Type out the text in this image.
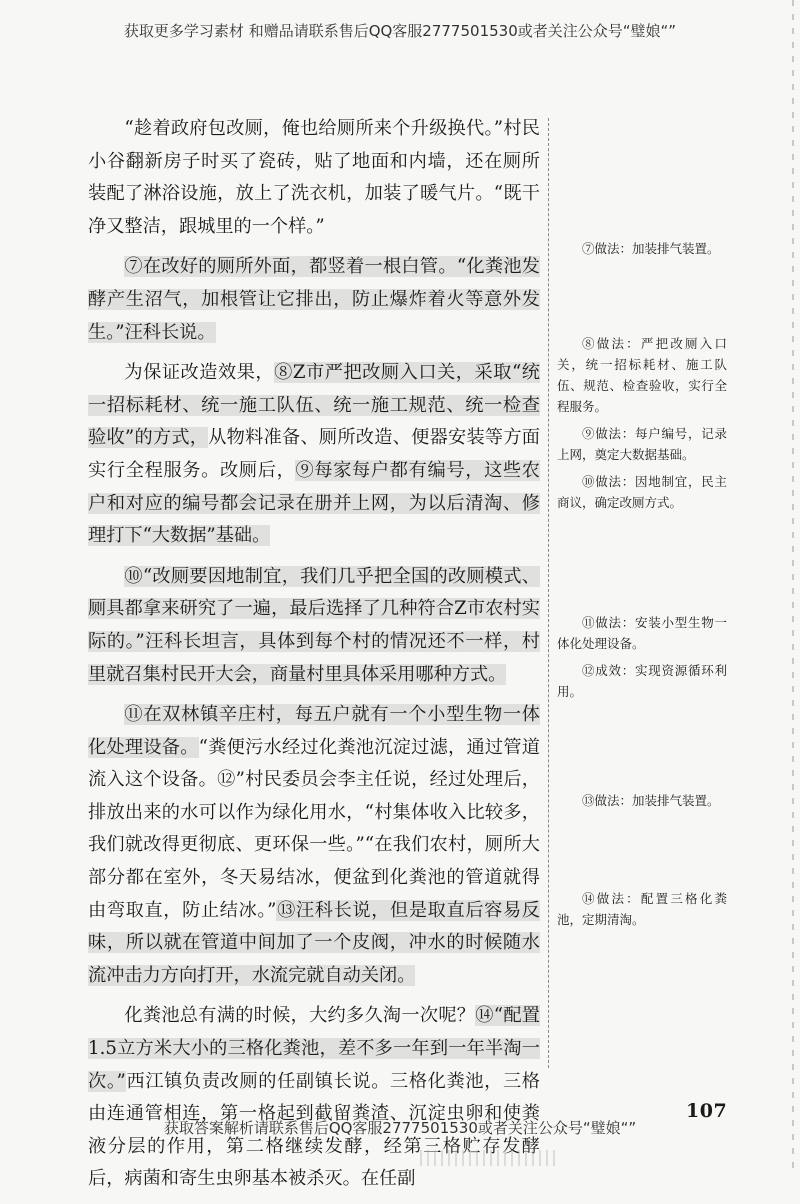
获取更多学习素材 和赠品请联系售后QQ客服2777501530或者关注公众号“璧娘“”

“趁着政府包改厕，俺也给厕所来个升级换代。”村民小谷翻新房子时买了瓷砖，贴了地面和内墙，还在厕所装配了淋浴设施，放上了洗衣机，加装了暖气片。“既干净又整洁，跟城里的一个样。”

⑦在改好的厕所外面，都竖着一根白管。“化粪池发酵产生沼气，加根管让它排出，防止爆炸着火等意外发生。”汪科长说。

为保证改造效果，⑧Z市严把改厕入口关，采取“统一招标耗材、统一施工队伍、统一施工规范、统一检查验收”的方式，从物料准备、厕所改造、便器安装等方面实行全程服务。改厕后，⑨每家每户都有编号，这些农户和对应的编号都会记录在册并上网，为以后清淘、修理打下“大数据”基础。

⑩“改厕要因地制宜，我们几乎把全国的改厕模式、厕具都拿来研究了一遍，最后选择了几种符合Z市农村实际的。”汪科长坦言，具体到每个村的情况还不一样，村里就召集村民开大会，商量村里具体采用哪种方式。

⑪在双林镇辛庄村，每五户就有一个小型生物一体化处理设备。“粪便污水经过化粪池沉淀过滤，通过管道流入这个设备。⑫”村民委员会李主任说，经过处理后，排放出来的水可以作为绿化用水，“村集体收入比较多，我们就改得更彻底、更环保一些。”“在我们农村，厕所大部分都在室外，冬天易结冰，便盆到化粪池的管道就得由弯取直，防止结冰。”⑬汪科长说，但是取直后容易反味，所以就在管道中间加了一个皮阀，冲水的时候随水流冲击力方向打开，水流完就自动关闭。

化粪池总有满的时候，大约多久淘一次呢？⑭“配置1.5立方米大小的三格化粪池，差不多一年到一年半淘一次。”西江镇负责改厕的任副镇长说。三格化粪池，三格由连通管相连，第一格起到截留粪渣、沉淀虫卵和使粪液分层的作用，第二格继续发酵，经第三格贮存发酵后，病菌和寄生虫卵基本被杀灭。在任副

⑦做法：加装排气装置。

⑧做法：严把改厕入口关，统一招标耗材、施工队伍、规范、检查验收，实行全程服务。

⑨做法：每户编号，记录上网，奠定大数据基础。

⑩做法：因地制宜，民主商议，确定改厕方式。

⑪做法：安装小型生物一体化处理设备。

⑫成效：实现资源循环利用。

⑬做法：加装排气装置。

⑭做法：配置三格化粪池，定期清淘。

107
获取答案解析请联系售后QQ客服2777501530或者关注公众号“璧娘“”
